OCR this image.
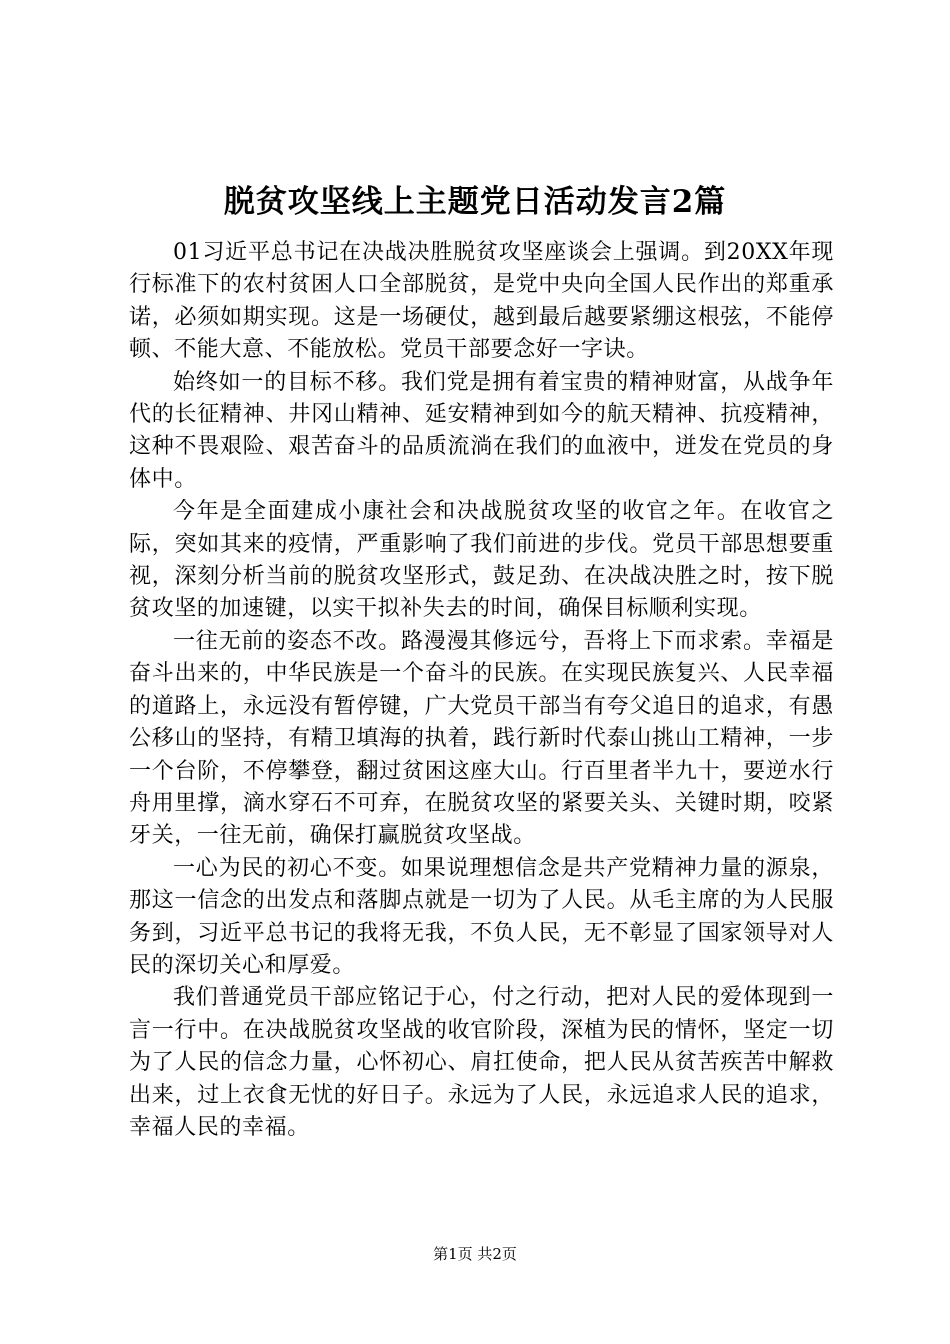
脱贫攻坚线上主题党日活动发言2篇

01习近平总书记在决战决胜脱贫攻坚座谈会上强调。到20XX年现行标准下的农村贫困人口全部脱贫，是党中央向全国人民作出的郑重承诺，必须如期实现。这是一场硬仗，越到最后越要紧绷这根弦，不能停顿、不能大意、不能放松。党员干部要念好一字诀。

始终如一的目标不移。我们党是拥有着宝贵的精神财富，从战争年代的长征精神、井冈山精神、延安精神到如今的航天精神、抗疫精神，这种不畏艰险、艰苦奋斗的品质流淌在我们的血液中，迸发在党员的身体中。

今年是全面建成小康社会和决战脱贫攻坚的收官之年。在收官之际，突如其来的疫情，严重影响了我们前进的步伐。党员干部思想要重视，深刻分析当前的脱贫攻坚形式，鼓足劲、在决战决胜之时，按下脱贫攻坚的加速键，以实干拟补失去的时间，确保目标顺利实现。

一往无前的姿态不改。路漫漫其修远兮，吾将上下而求索。幸福是奋斗出来的，中华民族是一个奋斗的民族。在实现民族复兴、人民幸福的道路上，永远没有暂停键，广大党员干部当有夸父追日的追求，有愚公移山的坚持，有精卫填海的执着，践行新时代泰山挑山工精神，一步一个台阶，不停攀登，翻过贫困这座大山。行百里者半九十，要逆水行舟用里撑，滴水穿石不可弃，在脱贫攻坚的紧要关头、关键时期，咬紧牙关，一往无前，确保打赢脱贫攻坚战。

一心为民的初心不变。如果说理想信念是共产党精神力量的源泉，那这一信念的出发点和落脚点就是一切为了人民。从毛主席的为人民服务到，习近平总书记的我将无我，不负人民，无不彰显了国家领导对人民的深切关心和厚爱。

我们普通党员干部应铭记于心，付之行动，把对人民的爱体现到一言一行中。在决战脱贫攻坚战的收官阶段，深植为民的情怀，坚定一切为了人民的信念力量，心怀初心、肩扛使命，把人民从贫苦疾苦中解救出来，过上衣食无忧的好日子。永远为了人民，永远追求人民的追求，幸福人民的幸福。

第1页 共2页
